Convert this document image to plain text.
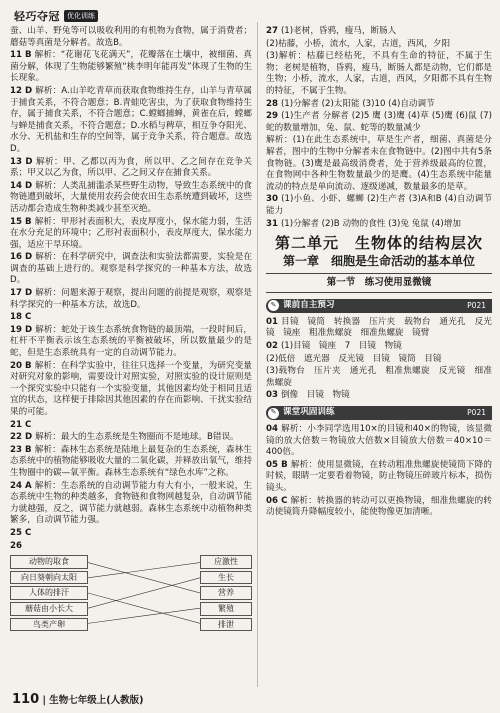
轻巧夺冠	优化训练
蚕、山羊、野兔等可以吸收利用的有机物为食物，属于消费者；蘑菇等真菌是分解者。故选B。
11 B 解析：“花谢花飞花满天”，花瓣落在土壤中，被细菌、真菌分解，体现了生物能够繁殖“桃李明年能再发”体现了生物的生长现象。
12 D 解析：A.山羊吃青草而获取食物维持生存，山羊与青草属于捕食关系，不符合题意；B.青蛙吃害虫，为了获取食物维持生存，属于捕食关系，不符合题意；C.螳螂捕蝉，黄雀在后，螳螂与蝉是捕食关系，不符合题意；D.水稻与稗草，相互争夺阳光、水分、无机盐和生存的空间等，属于竞争关系，符合题意。故选D。
13 D 解析：甲、乙都以丙为食，所以甲、乙之间存在竞争关系；甲又以乙为食，所以甲、乙之间又存在捕食关系。
14 D 解析：人类乱捕滥杀某些野生动物，导致生态系统中的食物链遭到破坏，大量使用农药会使农田生态系统遭到破坏，这些活动都会造成生物种类减少甚至灭绝。
15 B 解析：甲形衬表面积大，表皮厚度小，保水能力弱，生活在水分充足的环境中；乙形衬表面积小，表皮厚度大，保水能力强，适应干旱环境。
16 D 解析：在科学研究中，调查法和实验法都需要，实验是在调查的基础上进行的。观察是科学探究的一种基本方法，故选D。
17 D 解析：问题来源于观察，提出问题的前提是观察，观察是科学探究的一种基本方法，故选D。
18 C
19 D 解析：蛇处于该生态系统食物链的最顶端，一段时间后，杠杆不平衡表示该生态系统的平衡被破坏，所以数量最少的是蛇，但是生态系统具有一定的自动调节能力。
20 B 解析：在科学实验中，往往只选择一个变量，为研究变量对研究对象的影响，需要设计对照实验，对照实验的设计原则是一个探究实验中只能有一个实验变量，其他因素均处于相同且适宜的状态，这样便于排除因其他因素的存在而影响、干扰实验结果的可能。
21 C
22 D 解析：最大的生态系统是生物圈而不是地球。B错误。
23 B 解析：森林生态系统是陆地上最复杂的生态系统，森林生态系统中的植物能够吸收大量的二氧化碳，并释放出氧气，维持生物圈中的碳—氧平衡。森林生态系统有“绿色水库”之称。
24 A 解析：生态系统的自动调节能力有大有小，一般来说，生态系统中生物的种类越多，食物链和食物网越复杂，自动调节能力就越强，反之，调节能力就越弱。森林生态系统中动植物种类繁多，自动调节能力强。
25 C
26
动物的取食	应激性
向日葵朝向太阳	生长
人体的排汗	营养
蘑菇由小长大	繁殖
鸟类产卵	排泄
27 (1)老树，昏鸦，瘦马，断肠人
(2)枯藤，小桥，流水，人家，古道，西风，夕阳
(3)解析：枯藤已经枯死，不具有生命的特征，不属于生物；老树是植物，昏鸦，瘦马，断肠人都是动物，它们都是生物；小桥，流水，人家，古道，西风，夕阳都不具有生物的特征，不属于生物。
28 (1)分解者 (2)太阳能 (3)10 (4)自动调节
29 (1)生产者 分解者 (2)5 鹰 (3)鹰 (4)草 (5)鹰 (6)鼠 (7)蛇的数量增加，兔、鼠、蛇等的数量减少
解析：(1)在此生态系统中，草是生产者，细菌、真菌是分解者，图中的生物中分解者未在食物链中。(2)图中共有5条食物链。(3)鹰是最高级消费者，处于营养级最高的位置，在食物网中各种生物数量最少的是鹰。(4)生态系统中能量流动的特点是单向流动、逐级递减，数量最多的是草。
30 (1)小鱼、小虾、螺蛳 (2)生产者 (3)A和B (4)自动调节能力
31 (1)分解者 (2)B 动物的食性 (3)兔 兔鼠 (4)增加
第二单元　生物体的结构层次
第一章　细胞是生命活动的基本单位
第一节　练习使用显微镜
✎ 课前自主预习	P021
01 目镜　镜筒　转换器　压片夹　载物台　通光孔　反光镜　镜座　粗准焦螺旋　细准焦螺旋　镜臂
02 (1)目镜　镜座　7　目镜　物镜
(2)低倍　遮光器　反光镜　目镜　镜筒　目镜
(3)载物台　压片夹　通光孔　粗准焦螺旋　反光镜　细准焦螺旋
03 倒像　目镜　物镜
✎ 课堂巩固训练	P021
04 解析：小李同学选用10×的目镜和40×的物镜，该显微镜的放大倍数＝物镜放大倍数×目镜放大倍数＝40×10＝400倍。
05 B 解析：使用显微镜，在转动粗准焦螺旋使镜筒下降的时候，眼睛一定要看着物镜，防止物镜压碎玻片标本，损伤镜头。
06 C 解析：转换器的转动可以更换物镜，细准焦螺旋的转动使镜筒升降幅度较小，能使物像更加清晰。
110 | 生物七年级上(人教版)
